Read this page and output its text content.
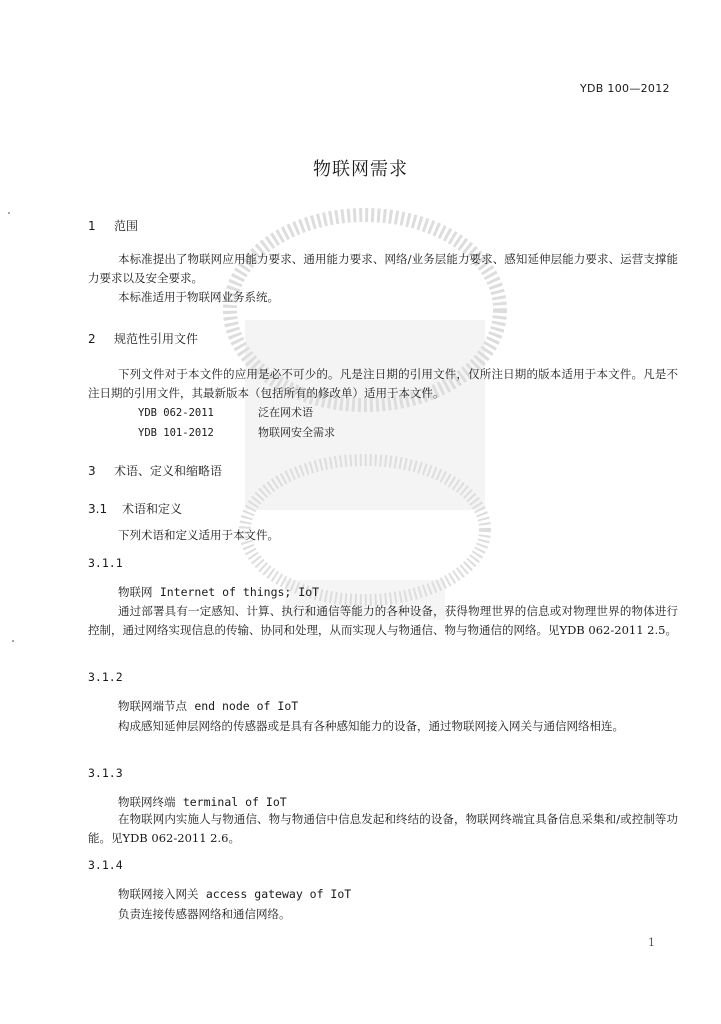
YDB 100—2012
物联网需求
1 范围
本标准提出了物联网应用能力要求、通用能力要求、网络/业务层能力要求、感知延伸层能力要求、运营支撑能力要求以及安全要求。
本标准适用于物联网业务系统。
2 规范性引用文件
下列文件对于本文件的应用是必不可少的。凡是注日期的引用文件，仅所注日期的版本适用于本文件。凡是不注日期的引用文件，其最新版本（包括所有的修改单）适用于本文件。
YDB 062-2011	泛在网术语
YDB 101-2012	物联网安全需求
3 术语、定义和缩略语
3.1 术语和定义
下列术语和定义适用于本文件。
3.1.1
物联网 Internet of things; IoT
通过部署具有一定感知、计算、执行和通信等能力的各种设备，获得物理世界的信息或对物理世界的物体进行控制，通过网络实现信息的传输、协同和处理，从而实现人与物通信、物与物通信的网络。见YDB 062-2011 2.5。
3.1.2
物联网端节点 end node of IoT
构成感知延伸层网络的传感器或是具有各种感知能力的设备，通过物联网接入网关与通信网络相连。
3.1.3
物联网终端 terminal of IoT
在物联网内实施人与物通信、物与物通信中信息发起和终结的设备，物联网终端宜具备信息采集和/或控制等功能。见YDB 062-2011 2.6。
3.1.4
物联网接入网关 access gateway of IoT
负责连接传感器网络和通信网络。
1
